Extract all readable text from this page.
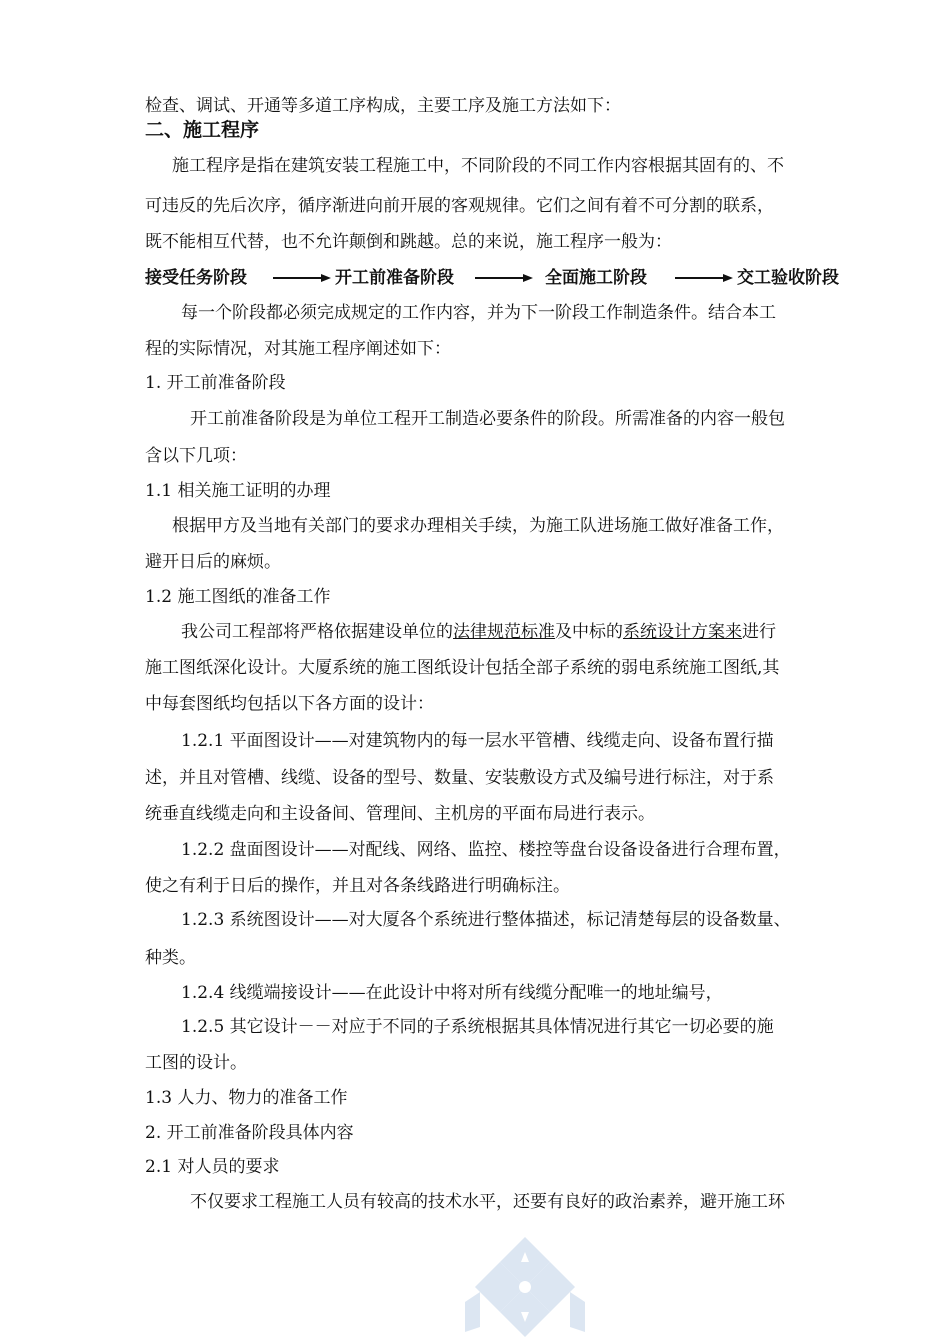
检查、调试、开通等多道工序构成，主要工序及施工方法如下：
二、施工程序
施工程序是指在建筑安装工程施工中，不同阶段的不同工作内容根据其固有的、不
可违反的先后次序，循序渐进向前开展的客观规律。它们之间有着不可分割的联系，
既不能相互代替，也不允许颠倒和跳越。总的来说，施工程序一般为：
接受任务阶段	开工前准备阶段	全面施工阶段	交工验收阶段
每一个阶段都必须完成规定的工作内容，并为下一阶段工作制造条件。结合本工
程的实际情况，对其施工程序阐述如下：
1. 开工前准备阶段
开工前准备阶段是为单位工程开工制造必要条件的阶段。所需准备的内容一般包
含以下几项：
1.1 相关施工证明的办理
根据甲方及当地有关部门的要求办理相关手续，为施工队进场施工做好准备工作，
避开日后的麻烦。
1.2 施工图纸的准备工作
我公司工程部将严格依据建设单位的法律规范标准及中标的系统设计方案来进行
施工图纸深化设计。大厦系统的施工图纸设计包括全部子系统的弱电系统施工图纸,其
中每套图纸均包括以下各方面的设计：
1.2.1 平面图设计——对建筑物内的每一层水平管槽、线缆走向、设备布置行描
述，并且对管槽、线缆、设备的型号、数量、安装敷设方式及编号进行标注，对于系
统垂直线缆走向和主设备间、管理间、主机房的平面布局进行表示。
1.2.2 盘面图设计——对配线、网络、监控、楼控等盘台设备设备进行合理布置，
使之有利于日后的操作，并且对各条线路进行明确标注。
1.2.3 系统图设计——对大厦各个系统进行整体描述，标记清楚每层的设备数量、
种类。
1.2.4 线缆端接设计——在此设计中将对所有线缆分配唯一的地址编号，
1.2.5 其它设计－－对应于不同的子系统根据其具体情况进行其它一切必要的施
工图的设计。
1.3 人力、物力的准备工作
2. 开工前准备阶段具体内容
2.1 对人员的要求
不仅要求工程施工人员有较高的技术水平，还要有良好的政治素养，避开施工环
